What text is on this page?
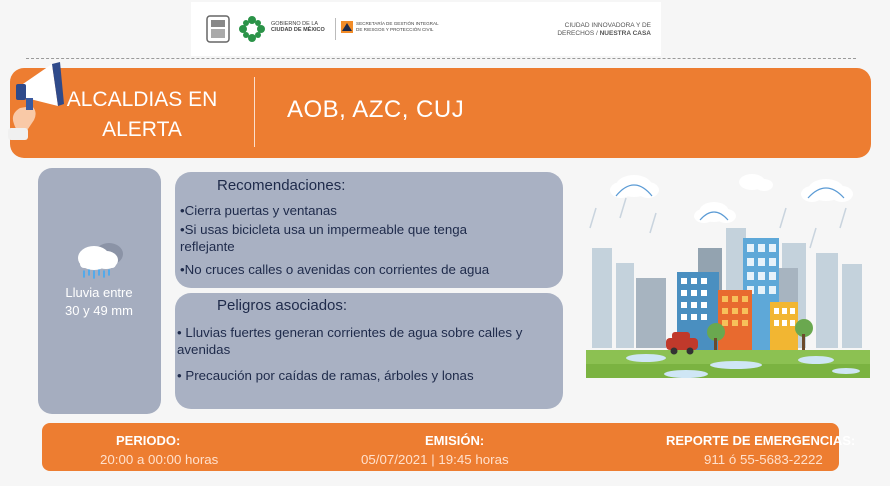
GOBIERNO DE LA
CIUDAD DE MÉXICO
SECRETARÍA DE GESTIÓN INTEGRAL
DE RIESGOS Y PROTECCIÓN CIVIL
CIUDAD INNOVADORA Y DE
DERECHOS / NUESTRA CASA
ALCALDIAS EN
ALERTA
AOB, AZC, CUJ
Lluvia entre
30 y 49 mm
Recomendaciones:
•Cierra puertas y ventanas
•Si usas bicicleta usa un impermeable que tenga reflejante
•No cruces calles o avenidas con corrientes de agua
Peligros asociados:
• Lluvias fuertes generan corrientes de agua sobre calles y avenidas
• Precaución por caídas de ramas, árboles y lonas
PERIODO:
20:00 a 00:00 horas
EMISIÓN:
05/07/2021 | 19:45 horas
REPORTE DE EMERGENCIAS:
911 ó 55-5683-2222
